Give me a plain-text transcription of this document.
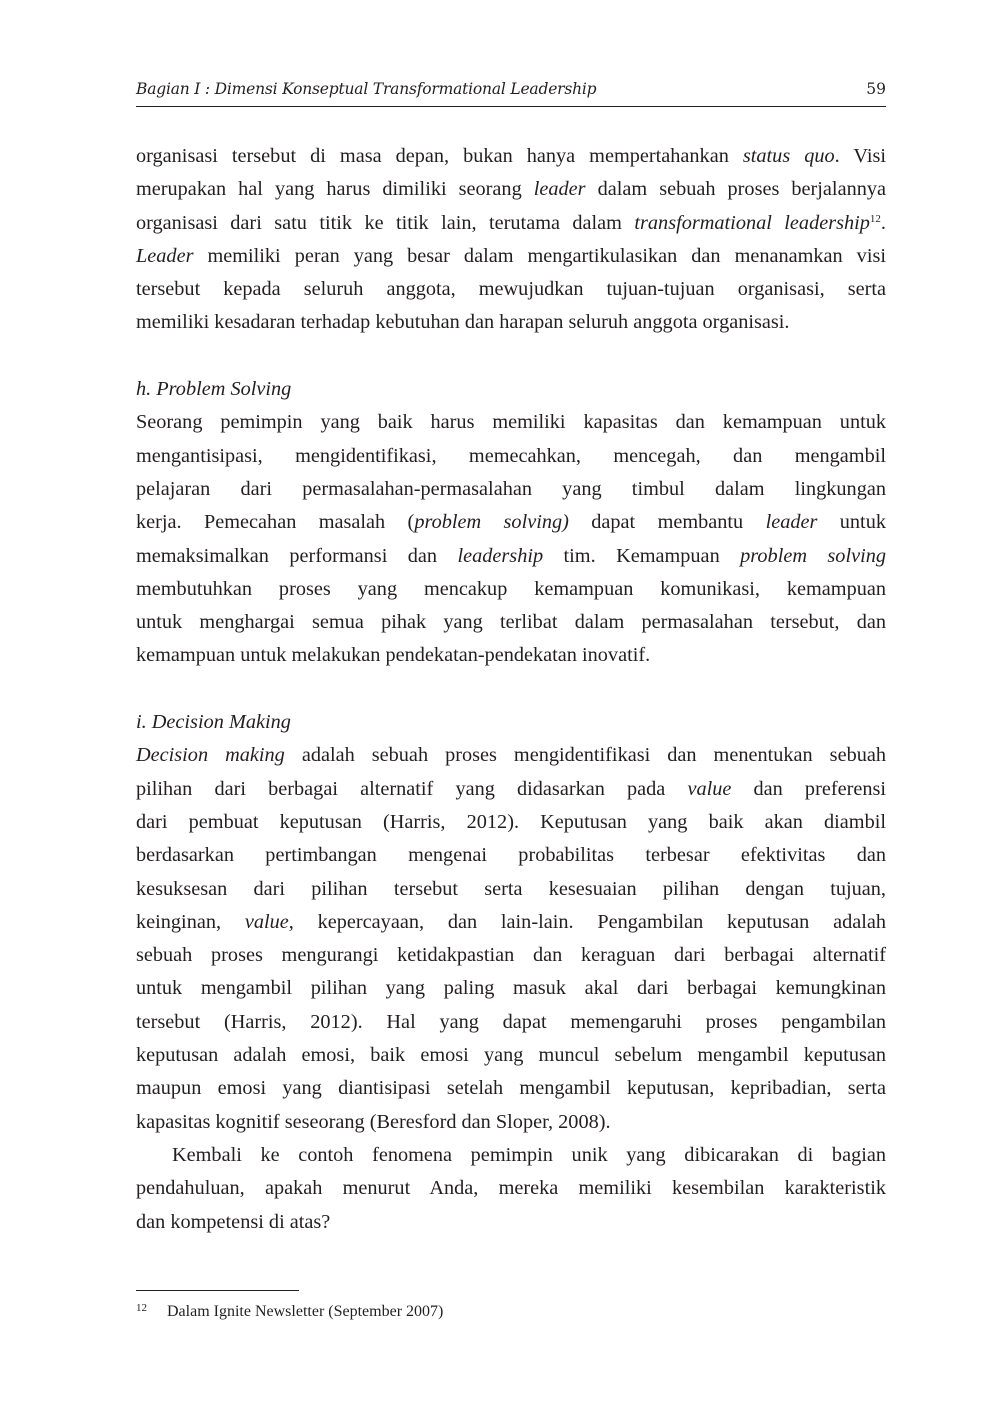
Bagian I : Dimensi Konseptual Transformational Leadership	59
organisasi tersebut di masa depan, bukan hanya mempertahankan status quo. Visi
merupakan hal yang harus dimiliki seorang leader dalam sebuah proses berjalannya
organisasi dari satu titik ke titik lain, terutama dalam transformational leadership$^{12}$.
Leader memiliki peran yang besar dalam mengartikulasikan dan menanamkan visi
tersebut kepada seluruh anggota, mewujudkan tujuan-tujuan organisasi, serta
memiliki kesadaran terhadap kebutuhan dan harapan seluruh anggota organisasi.
h. Problem Solving
Seorang pemimpin yang baik harus memiliki kapasitas dan kemampuan untuk
mengantisipasi, mengidentifikasi, memecahkan, mencegah, dan mengambil
pelajaran dari permasalahan-permasalahan yang timbul dalam lingkungan
kerja. Pemecahan masalah (problem solving) dapat membantu leader untuk
memaksimalkan performansi dan leadership tim. Kemampuan problem solving
membutuhkan proses yang mencakup kemampuan komunikasi, kemampuan
untuk menghargai semua pihak yang terlibat dalam permasalahan tersebut, dan
kemampuan untuk melakukan pendekatan-pendekatan inovatif.
i. Decision Making
Decision making adalah sebuah proses mengidentifikasi dan menentukan sebuah
pilihan dari berbagai alternatif yang didasarkan pada value dan preferensi
dari pembuat keputusan (Harris, 2012). Keputusan yang baik akan diambil
berdasarkan pertimbangan mengenai probabilitas terbesar efektivitas dan
kesuksesan dari pilihan tersebut serta kesesuaian pilihan dengan tujuan,
keinginan, value, kepercayaan, dan lain-lain. Pengambilan keputusan adalah
sebuah proses mengurangi ketidakpastian dan keraguan dari berbagai alternatif
untuk mengambil pilihan yang paling masuk akal dari berbagai kemungkinan
tersebut (Harris, 2012). Hal yang dapat memengaruhi proses pengambilan
keputusan adalah emosi, baik emosi yang muncul sebelum mengambil keputusan
maupun emosi yang diantisipasi setelah mengambil keputusan, kepribadian, serta
kapasitas kognitif seseorang (Beresford dan Sloper, 2008).
Kembali ke contoh fenomena pemimpin unik yang dibicarakan di bagian
pendahuluan, apakah menurut Anda, mereka memiliki kesembilan karakteristik
dan kompetensi di atas?
12 Dalam Ignite Newsletter (September 2007)
